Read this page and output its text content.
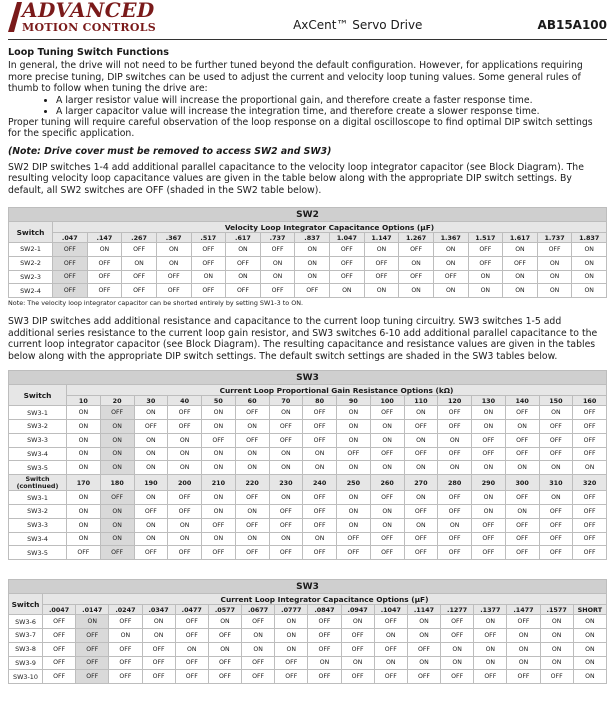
ADVANCED
MOTION CONTROLS	AxCent™ Servo Drive	AB15A100
Loop Tuning Switch Functions

In general, the drive will not need to be further tuned beyond the default configuration. However, for applications requiring more precise tuning, DIP switches can be used to adjust the current and velocity loop tuning values. Some general rules of thumb to follow when tuning the drive are:

• A larger resistor value will increase the proportional gain, and therefore create a faster response time.
• A larger capacitor value will increase the integration time, and therefore create a slower response time.

Proper tuning will require careful observation of the loop response on a digital oscilloscope to find optimal DIP switch settings for the specific application.

(Note: Drive cover must be removed to access SW2 and SW3)

SW2 DIP switches 1-4 add additional parallel capacitance to the velocity loop integrator capacitor (see Block Diagram). The resulting velocity loop capacitance values are given in the table below along with the appropriate DIP switch settings. By default, all SW2 switches are OFF (shaded in the SW2 table below).

SW2																
Switch	Velocity Loop Integrator Capacitance Options (µF)															
	.047	.147	.267	.367	.517	.617	.737	.837	1.047	1.147	1.267	1.367	1.517	1.617	1.737	1.837
SW2-1	OFF	ON	OFF	ON	OFF	ON	OFF	ON	OFF	ON	OFF	ON	OFF	ON	OFF	ON
SW2-2	OFF	OFF	ON	ON	OFF	OFF	ON	ON	OFF	OFF	ON	ON	OFF	OFF	ON	ON
SW2-3	OFF	OFF	OFF	OFF	ON	ON	ON	ON	OFF	OFF	OFF	OFF	ON	ON	ON	ON
SW2-4	OFF	OFF	OFF	OFF	OFF	OFF	OFF	OFF	ON	ON	ON	ON	ON	ON	ON	ON
Note: The velocity loop integrator capacitor can be shorted entirely by setting SW1-3 to ON.

SW3 DIP switches add additional resistance and capacitance to the current loop tuning circuitry. SW3 switches 1-5 add additional series resistance to the current loop gain resistor, and SW3 switches 6-10 add additional parallel capacitance to the current loop integrator capacitor (see Block Diagram). The resulting capacitance and resistance values are given in the tables below along with the appropriate DIP switch settings. The default switch settings are shaded in the SW3 tables below.

SW3																
Switch	Current Loop Proportional Gain Resistance Options (kΩ)															
	10	20	30	40	50	60	70	80	90	100	110	120	130	140	150	160
SW3-1	ON	OFF	ON	OFF	ON	OFF	ON	OFF	ON	OFF	ON	OFF	ON	OFF	ON	OFF
SW3-2	ON	ON	OFF	OFF	ON	ON	OFF	OFF	ON	ON	OFF	OFF	ON	ON	OFF	OFF
SW3-3	ON	ON	ON	ON	OFF	OFF	OFF	OFF	ON	ON	ON	ON	OFF	OFF	OFF	OFF
SW3-4	ON	ON	ON	ON	ON	ON	ON	ON	OFF	OFF	OFF	OFF	OFF	OFF	OFF	OFF
SW3-5	ON	ON	ON	ON	ON	ON	ON	ON	ON	ON	ON	ON	ON	ON	ON	ON
Switch (continued)	170	180	190	200	210	220	230	240	250	260	270	280	290	300	310	320
SW3-1	ON	OFF	ON	OFF	ON	OFF	ON	OFF	ON	OFF	ON	OFF	ON	OFF	ON	OFF
SW3-2	ON	ON	OFF	OFF	ON	ON	OFF	OFF	ON	ON	OFF	OFF	ON	ON	OFF	OFF
SW3-3	ON	ON	ON	ON	OFF	OFF	OFF	OFF	ON	ON	ON	ON	OFF	OFF	OFF	OFF
SW3-4	ON	ON	ON	ON	ON	ON	ON	ON	OFF	OFF	OFF	OFF	OFF	OFF	OFF	OFF
SW3-5	OFF	OFF	OFF	OFF	OFF	OFF	OFF	OFF	OFF	OFF	OFF	OFF	OFF	OFF	OFF	OFF
SW3																	
Switch	Current Loop Integrator Capacitance Options (µF)																
	.0047	.0147	.0247	.0347	.0477	.0577	.0677	.0777	.0847	.0947	.1047	.1147	.1277	.1377	.1477	.1577	SHORT
SW3-6	OFF	ON	OFF	ON	OFF	ON	OFF	ON	OFF	ON	OFF	ON	OFF	ON	OFF	ON	ON
SW3-7	OFF	OFF	ON	ON	OFF	OFF	ON	ON	OFF	OFF	ON	ON	OFF	OFF	ON	ON	ON
SW3-8	OFF	OFF	OFF	OFF	ON	ON	ON	ON	OFF	OFF	OFF	OFF	ON	ON	ON	ON	ON
SW3-9	OFF	OFF	OFF	OFF	OFF	OFF	OFF	OFF	ON	ON	ON	ON	ON	ON	ON	ON	ON
SW3-10	OFF	OFF	OFF	OFF	OFF	OFF	OFF	OFF	OFF	OFF	OFF	OFF	OFF	OFF	OFF	OFF	ON
